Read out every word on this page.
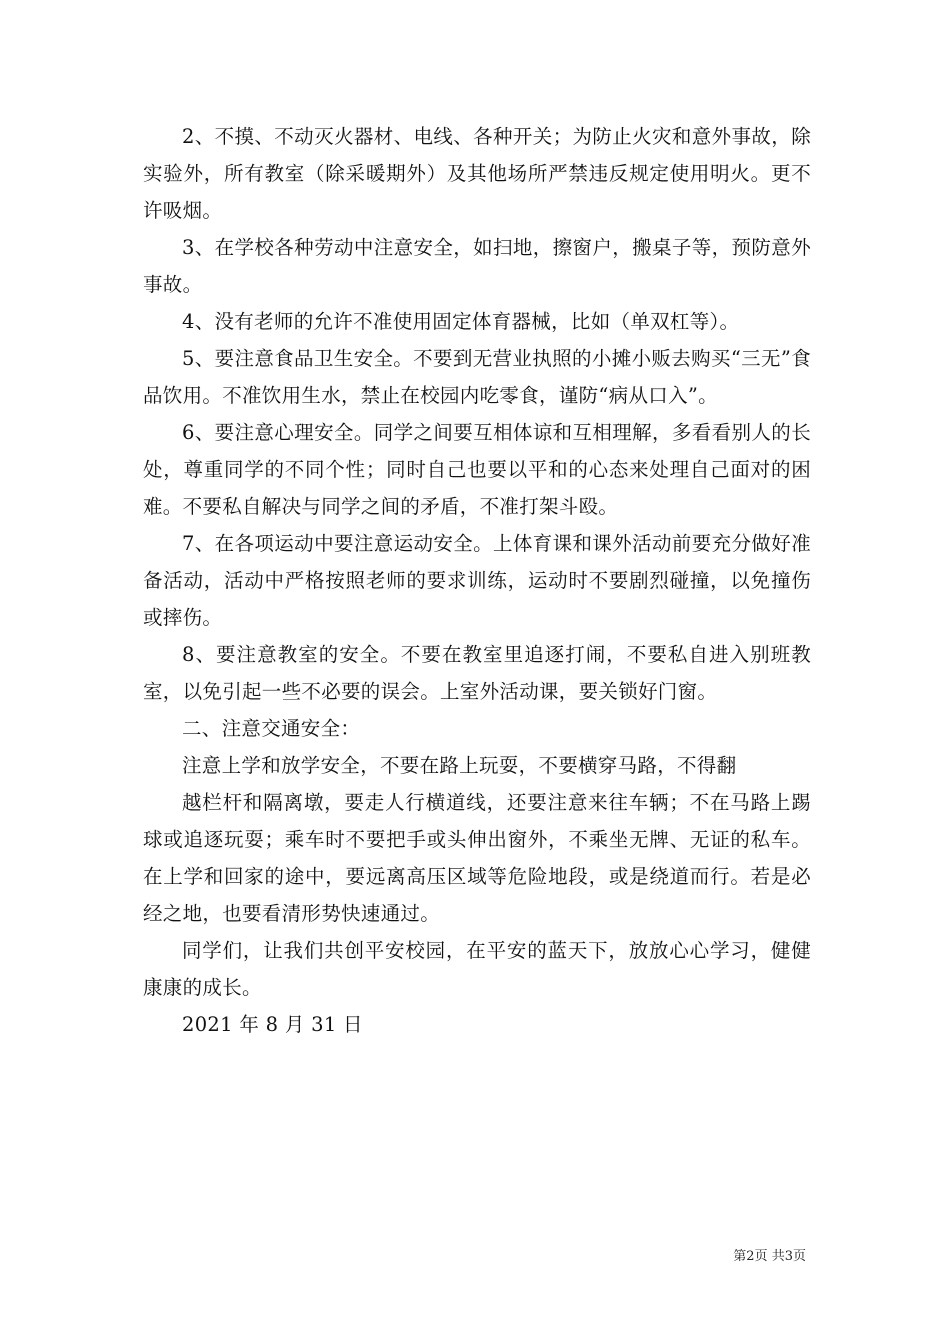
2、不摸、不动灭火器材、电线、各种开关；为防止火灾和意外事故，除实验外，所有教室（除采暖期外）及其他场所严禁违反规定使用明火。更不许吸烟。

3、在学校各种劳动中注意安全，如扫地，擦窗户，搬桌子等，预防意外事故。

4、没有老师的允许不准使用固定体育器械，比如（单双杠等）。

5、要注意食品卫生安全。不要到无营业执照的小摊小贩去购买“三无”食品饮用。不准饮用生水，禁止在校园内吃零食，谨防“病从口入”。

6、要注意心理安全。同学之间要互相体谅和互相理解，多看看别人的长处，尊重同学的不同个性；同时自己也要以平和的心态来处理自己面对的困难。不要私自解决与同学之间的矛盾，不准打架斗殴。

7、在各项运动中要注意运动安全。上体育课和课外活动前要充分做好准备活动，活动中严格按照老师的要求训练，运动时不要剧烈碰撞，以免撞伤或摔伤。

8、要注意教室的安全。不要在教室里追逐打闹，不要私自进入别班教室，以免引起一些不必要的误会。上室外活动课，要关锁好门窗。

二、注意交通安全：

注意上学和放学安全，不要在路上玩耍，不要横穿马路，不得翻

越栏杆和隔离墩，要走人行横道线，还要注意来往车辆；不在马路上踢球或追逐玩耍；乘车时不要把手或头伸出窗外，不乘坐无牌、无证的私车。在上学和回家的途中，要远离高压区域等危险地段，或是绕道而行。若是必经之地，也要看清形势快速通过。

同学们，让我们共创平安校园，在平安的蓝天下，放放心心学习，健健康康的成长。

2021 年 8 月 31 日

第2页 共3页
